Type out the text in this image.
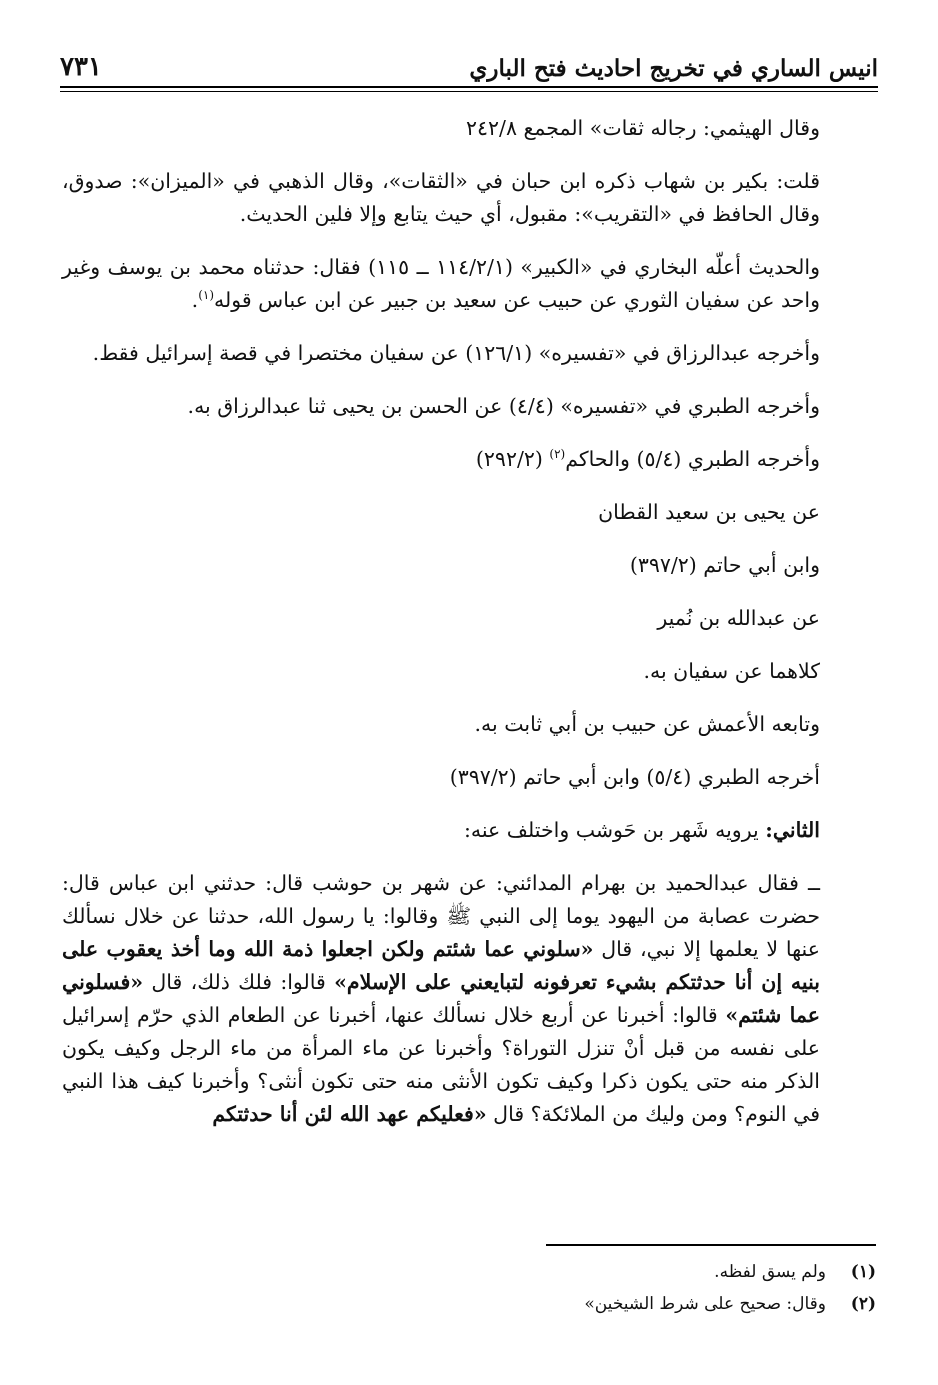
انيس الساري في تخريج احاديث فتح الباري
٧٣١

وقال الهيثمي: رجاله ثقات» المجمع ٢٤٢/٨

قلت: بكير بن شهاب ذكره ابن حبان في «الثقات»، وقال الذهبي في «الميزان»: صدوق، وقال الحافظ في «التقريب»: مقبول، أي حيث يتابع وإلا فلين الحديث.

والحديث أعلّه البخاري في «الكبير» (١١٤/٢/١ ــ ١١٥) فقال: حدثناه محمد بن يوسف وغير واحد عن سفيان الثوري عن حبيب عن سعيد بن جبير عن ابن عباس قوله$^{(١)}$.

وأخرجه عبدالرزاق في «تفسيره» (١٢٦/١) عن سفيان مختصرا في قصة إسرائيل فقط.

وأخرجه الطبري في «تفسيره» (٤/٤) عن الحسن بن يحيى ثنا عبدالرزاق به.

وأخرجه الطبري (٥/٤) والحاكم$^{(٢)}$ (٢٩٢/٢)

عن يحيى بن سعيد القطان

وابن أبي حاتم (٣٩٧/٢)

عن عبدالله بن نُمير

كلاهما عن سفيان به.

وتابعه الأعمش عن حبيب بن أبي ثابت به.

أخرجه الطبري (٥/٤) وابن أبي حاتم (٣٩٧/٢)

الثاني: يرويه شَهر بن حَوشب واختلف عنه:

ــ فقال عبدالحميد بن بهرام المدائني: عن شهر بن حوشب قال: حدثني ابن عباس قال: حضرت عصابة من اليهود يوما إلى النبي ﷺ وقالوا: يا رسول الله، حدثنا عن خلال نسألك عنها لا يعلمها إلا نبي، قال «سلوني عما شئتم ولكن اجعلوا ذمة الله وما أخذ يعقوب على بنيه إن أنا حدثتكم بشيء تعرفونه لتبايعني على الإسلام» قالوا: فلك ذلك، قال «فسلوني عما شئتم» قالوا: أخبرنا عن أربع خلال نسألك عنها، أخبرنا عن الطعام الذي حرّم إسرائيل على نفسه من قبل أنْ تنزل التوراة؟ وأخبرنا عن ماء المرأة من ماء الرجل وكيف يكون الذكر منه حتى يكون ذكرا وكيف تكون الأنثى منه حتى تكون أنثى؟ وأخبرنا كيف هذا النبي في النوم؟ ومن وليك من الملائكة؟ قال «فعليكم عهد الله لئن أنا حدثتكم

(١)
ولم يسق لفظه.
(٢)
وقال: صحيح على شرط الشيخين»
